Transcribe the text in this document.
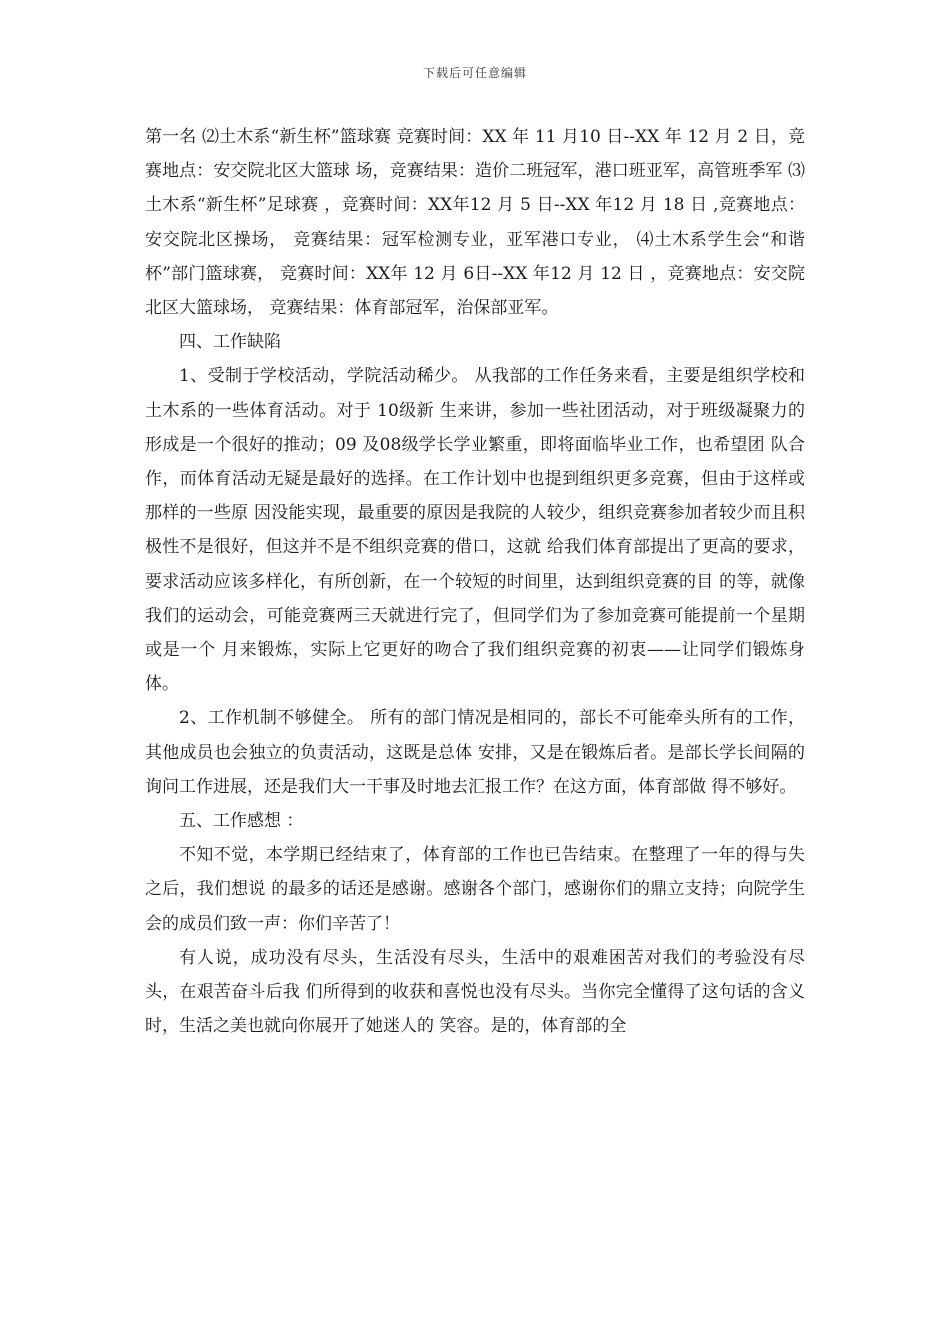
下载后可任意编辑

第一名 ⑵土木系“新生杯”篮球赛 竞赛时间：XX 年 11 月10 日--XX 年 12 月 2 日，竞赛地点：安交院北区大篮球 场，竞赛结果：造价二班冠军，港口班亚军，高管班季军 ⑶土木系“新生杯”足球赛 ，竞赛时间：XX年12 月 5 日--XX 年12 月 18 日 ,竞赛地点：安交院北区操场， 竞赛结果：冠军检测专业，亚军港口专业， ⑷土木系学生会“和谐杯”部门篮球赛， 竞赛时间：XX年 12 月 6日--XX 年12 月 12 日 ，竞赛地点：安交院北区大篮球场， 竞赛结果：体育部冠军，治保部亚军。

四、工作缺陷

1、受制于学校活动，学院活动稀少。 从我部的工作任务来看，主要是组织学校和土木系的一些体育活动。对于 10级新 生来讲，参加一些社团活动，对于班级凝聚力的形成是一个很好的推动；09 及08级学长学业繁重，即将面临毕业工作，也希望团 队合作，而体育活动无疑是最好的选择。在工作计划中也提到组织更多竞赛，但由于这样或那样的一些原 因没能实现，最重要的原因是我院的人较少，组织竞赛参加者较少而且积极性不是很好，但这并不是不组织竞赛的借口，这就 给我们体育部提出了更高的要求，要求活动应该多样化，有所创新，在一个较短的时间里，达到组织竞赛的目 的等，就像我们的运动会，可能竞赛两三天就进行完了，但同学们为了参加竞赛可能提前一个星期或是一个 月来锻炼，实际上它更好的吻合了我们组织竞赛的初衷——让同学们锻炼身体。

2、工作机制不够健全。 所有的部门情况是相同的，部长不可能牵头所有的工作，其他成员也会独立的负责活动，这既是总体 安排，又是在锻炼后者。是部长学长间隔的询问工作进展，还是我们大一干事及时地去汇报工作？在这方面，体育部做 得不够好。

五、工作感想 ：

不知不觉，本学期已经结束了，体育部的工作也已告结束。在整理了一年的得与失之后，我们想说 的最多的话还是感谢。感谢各个部门，感谢你们的鼎立支持；向院学生会的成员们致一声：你们辛苦了！

有人说，成功没有尽头，生活没有尽头，生活中的艰难困苦对我们的考验没有尽头，在艰苦奋斗后我 们所得到的收获和喜悦也没有尽头。当你完全懂得了这句话的含义时，生活之美也就向你展开了她迷人的 笑容。是的，体育部的全
